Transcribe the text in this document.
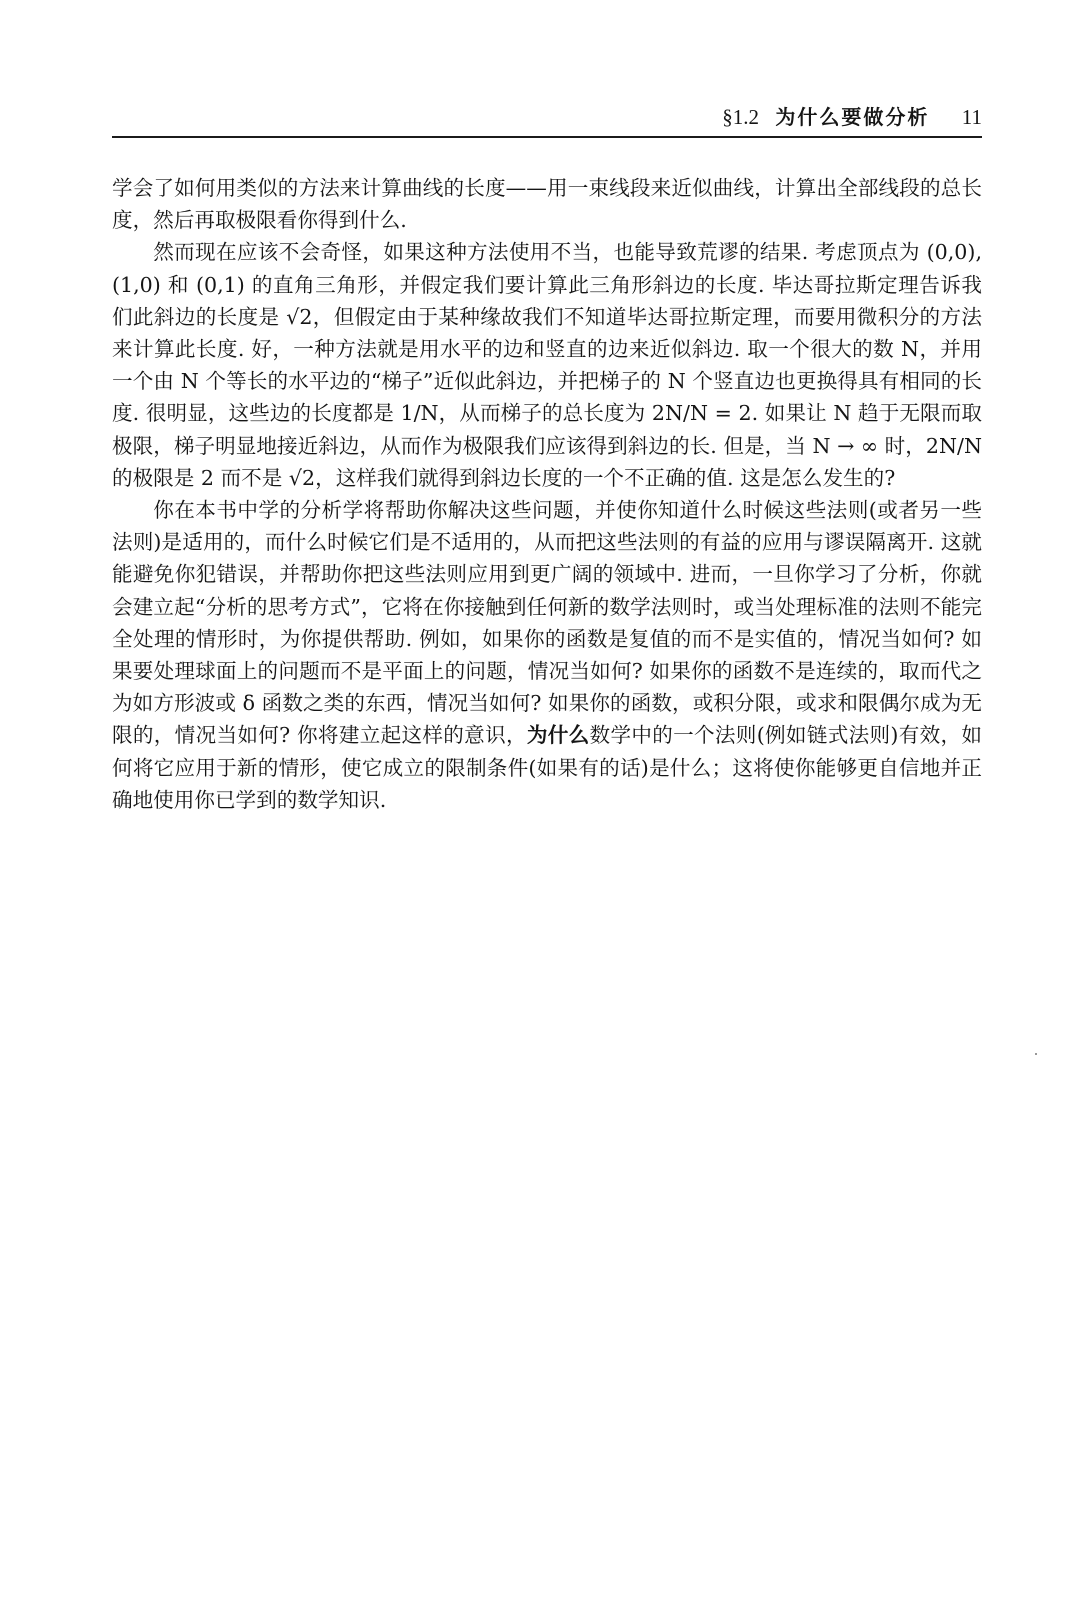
§1.2 为什么要做分析 11

学会了如何用类似的方法来计算曲线的长度——用一束线段来近似曲线，计算出全部线段的总长度，然后再取极限看你得到什么.

然而现在应该不会奇怪，如果这种方法使用不当，也能导致荒谬的结果. 考虑顶点为 (0,0), (1,0) 和 (0,1) 的直角三角形，并假定我们要计算此三角形斜边的长度. 毕达哥拉斯定理告诉我们此斜边的长度是 √2，但假定由于某种缘故我们不知道毕达哥拉斯定理，而要用微积分的方法来计算此长度. 好，一种方法就是用水平的边和竖直的边来近似斜边. 取一个很大的数 N，并用一个由 N 个等长的水平边的“梯子”近似此斜边，并把梯子的 N 个竖直边也更换得具有相同的长度. 很明显，这些边的长度都是 1/N，从而梯子的总长度为 2N/N = 2. 如果让 N 趋于无限而取极限，梯子明显地接近斜边，从而作为极限我们应该得到斜边的长. 但是，当 N → ∞ 时，2N/N 的极限是 2 而不是 √2，这样我们就得到斜边长度的一个不正确的值. 这是怎么发生的?

你在本书中学的分析学将帮助你解决这些问题，并使你知道什么时候这些法则(或者另一些法则)是适用的，而什么时候它们是不适用的，从而把这些法则的有益的应用与谬误隔离开. 这就能避免你犯错误，并帮助你把这些法则应用到更广阔的领域中. 进而，一旦你学习了分析，你就会建立起“分析的思考方式”，它将在你接触到任何新的数学法则时，或当处理标准的法则不能完全处理的情形时，为你提供帮助. 例如，如果你的函数是复值的而不是实值的，情况当如何? 如果要处理球面上的问题而不是平面上的问题，情况当如何? 如果你的函数不是连续的，取而代之为如方形波或 δ 函数之类的东西，情况当如何? 如果你的函数，或积分限，或求和限偶尔成为无限的，情况当如何? 你将建立起这样的意识，为什么数学中的一个法则(例如链式法则)有效，如何将它应用于新的情形，使它成立的限制条件(如果有的话)是什么；这将使你能够更自信地并正确地使用你已学到的数学知识.
